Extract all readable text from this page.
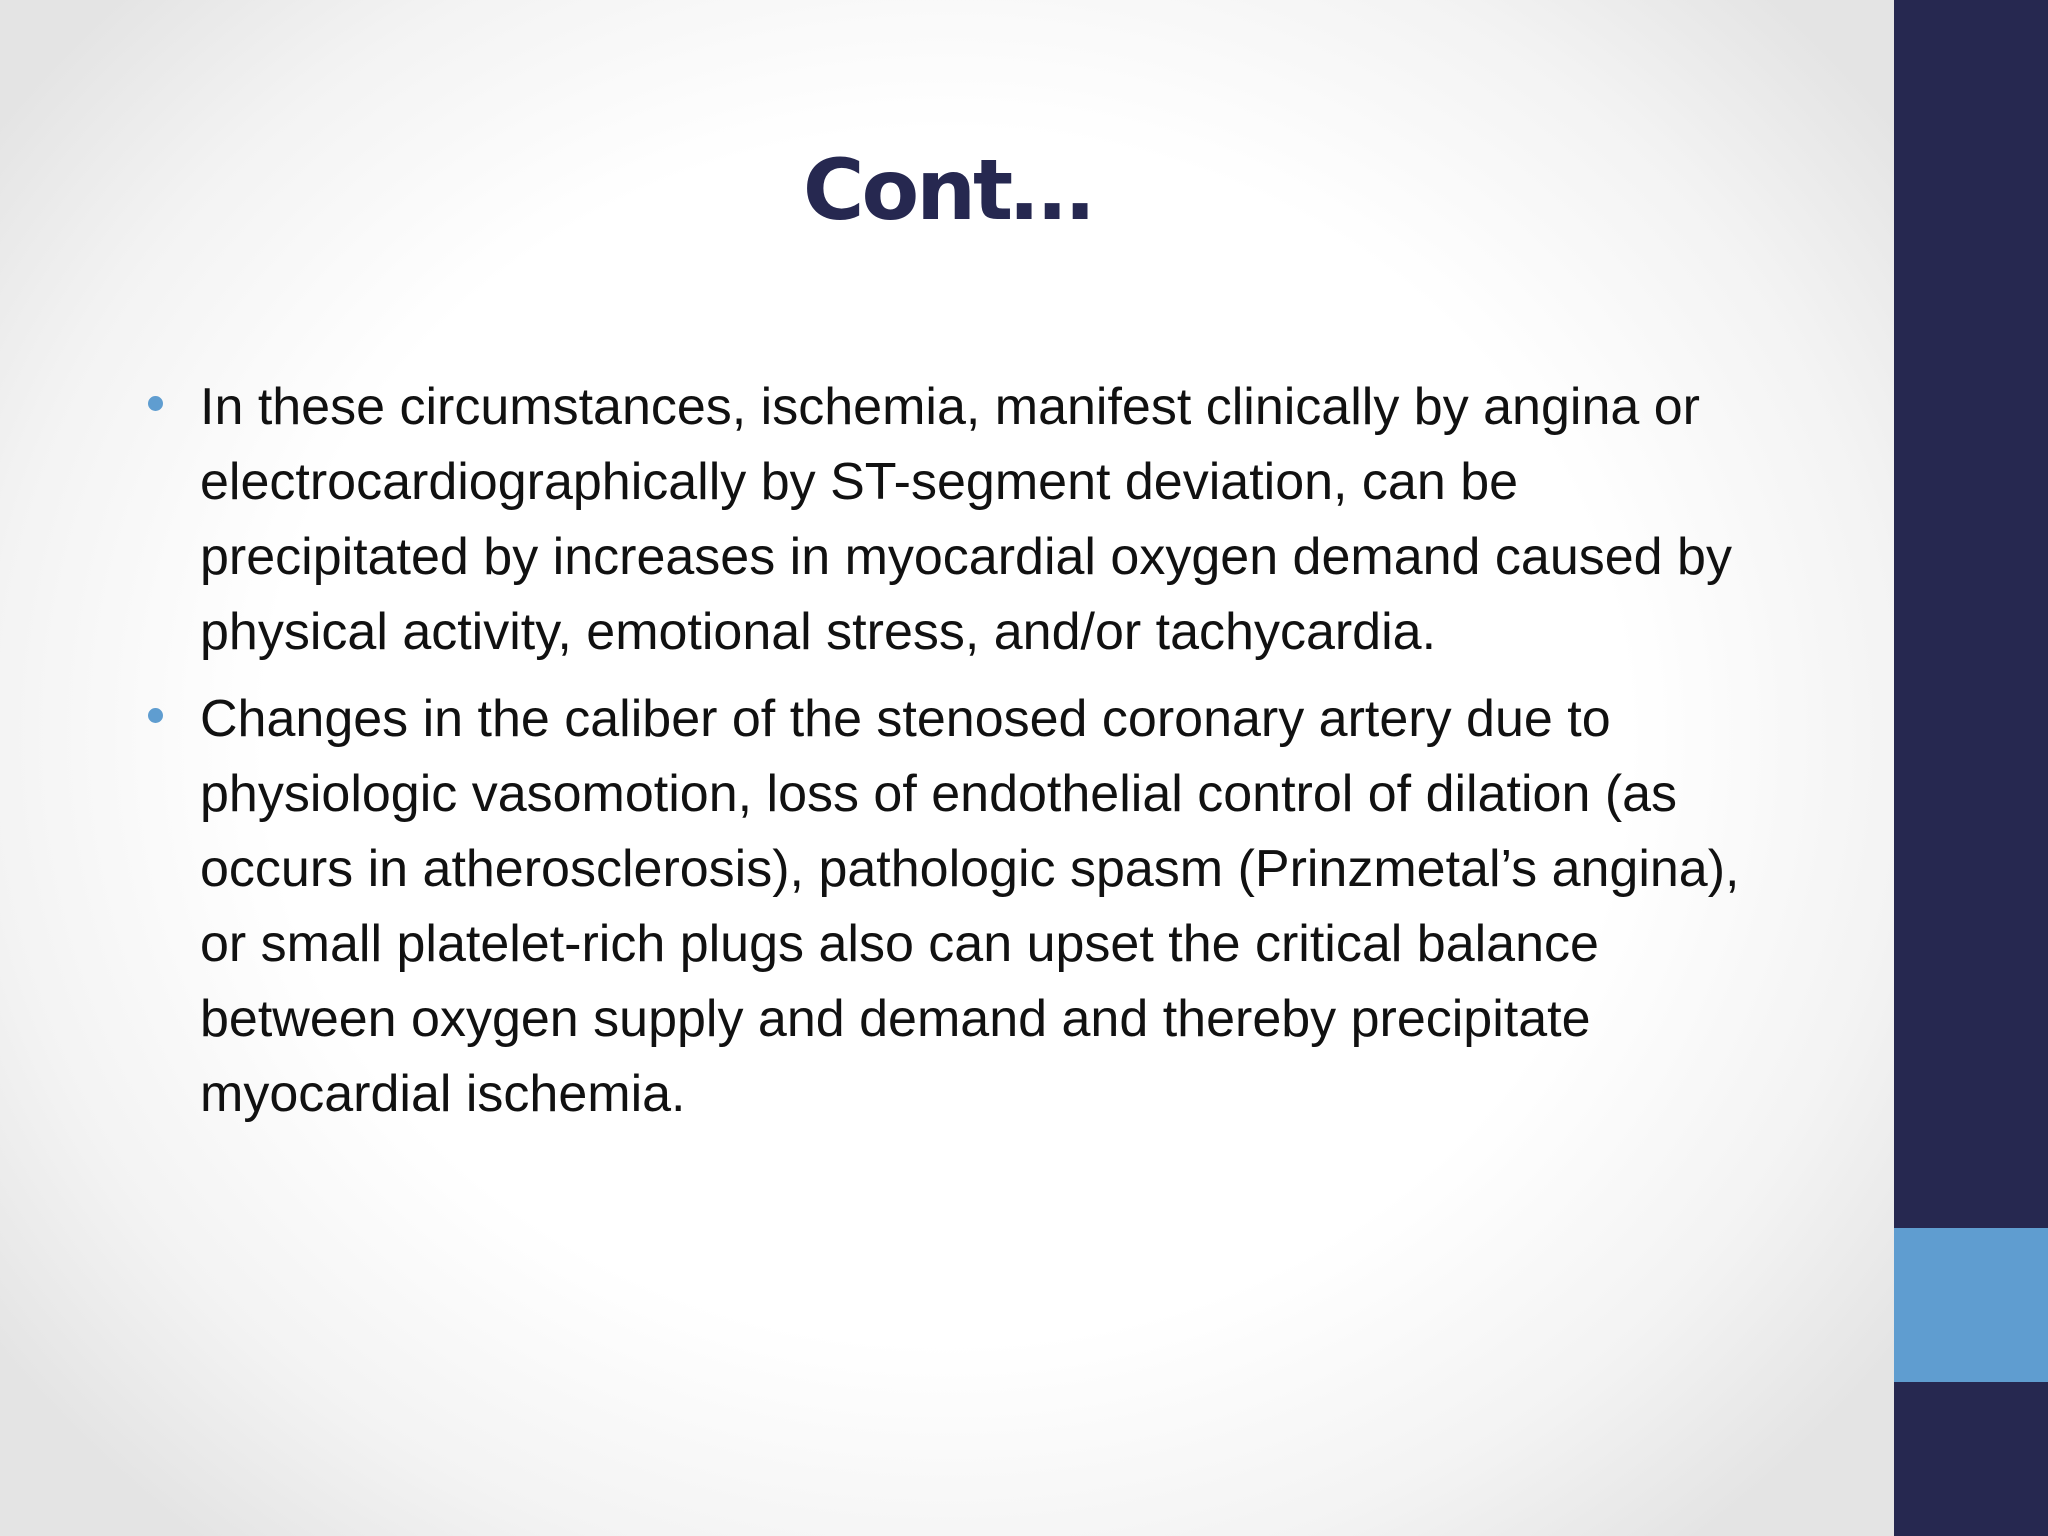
Cont…
In these circumstances, ischemia, manifest clinically by angina or electrocardiographically by ST-segment deviation, can be precipitated by increases in myocardial oxygen demand caused by physical activity, emotional stress, and/or tachycardia.
Changes in the caliber of the stenosed coronary artery due to physiologic vasomotion, loss of endothelial control of dilation (as occurs in atherosclerosis), pathologic spasm (Prinzmetal’s angina), or small platelet-rich plugs also can upset the critical balance between oxygen supply and demand and thereby precipitate myocardial ischemia.
